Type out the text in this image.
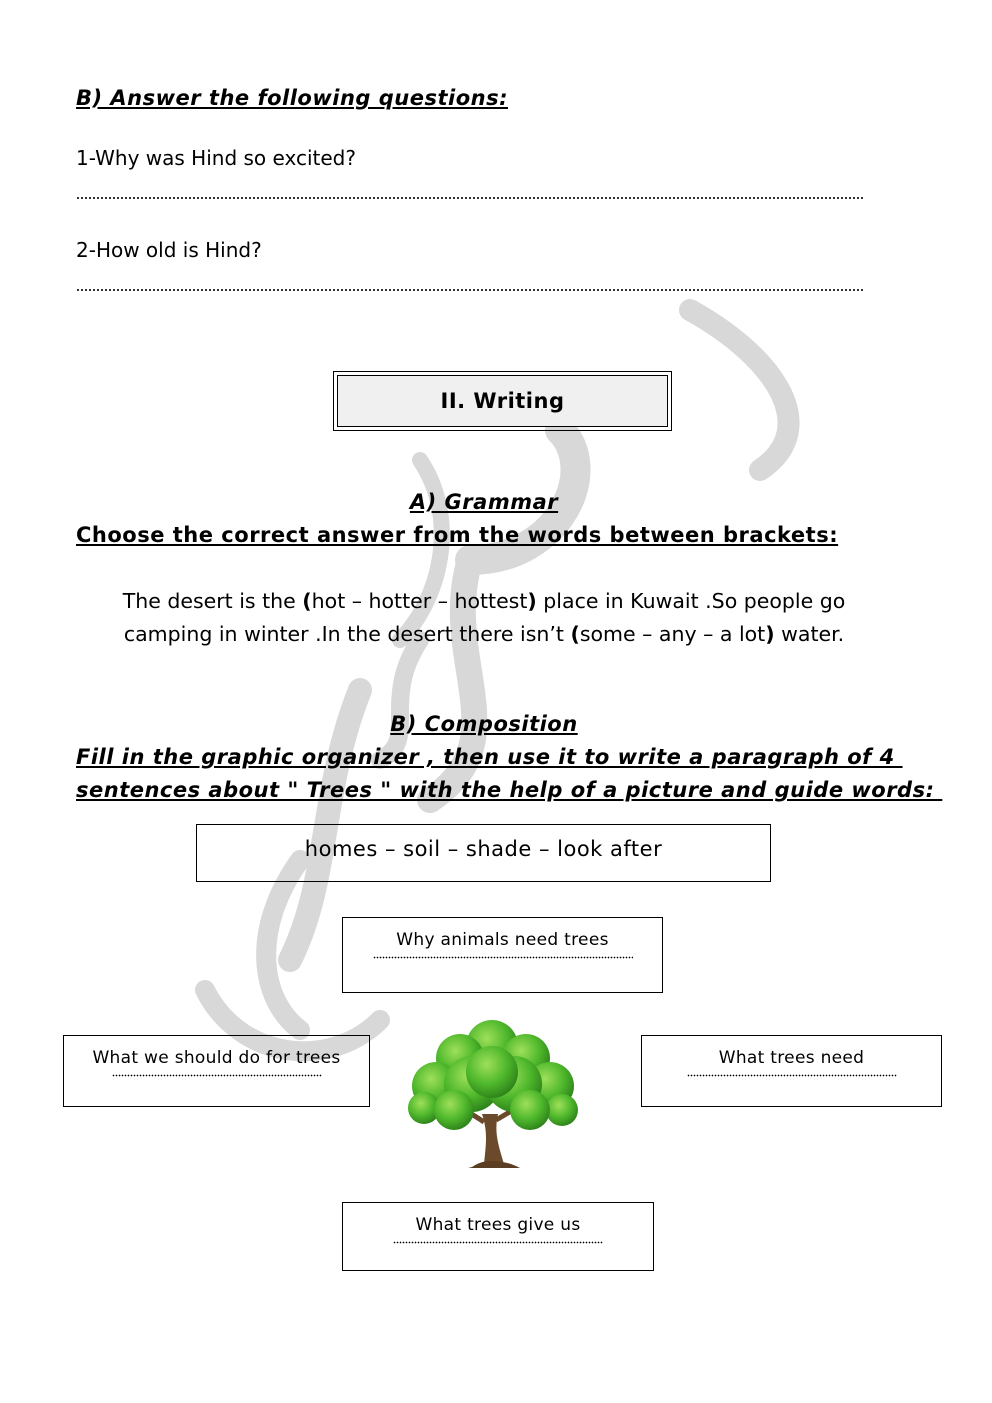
B) Answer the following questions:
1-Why was Hind so excited?
2-How old is Hind?
II. Writing
A) Grammar
Choose the correct answer from the words between brackets:
The desert is the (hot – hotter – hottest) place in Kuwait .So people go
camping in winter .In the desert there isn’t (some – any – a lot) water.
B) Composition
Fill in the graphic organizer , then use it to write a paragraph of 4
sentences about " Trees " with the help of a picture and guide words:
homes – soil – shade – look after
Why animals need trees
What we should do for trees	What trees need
What trees give us
